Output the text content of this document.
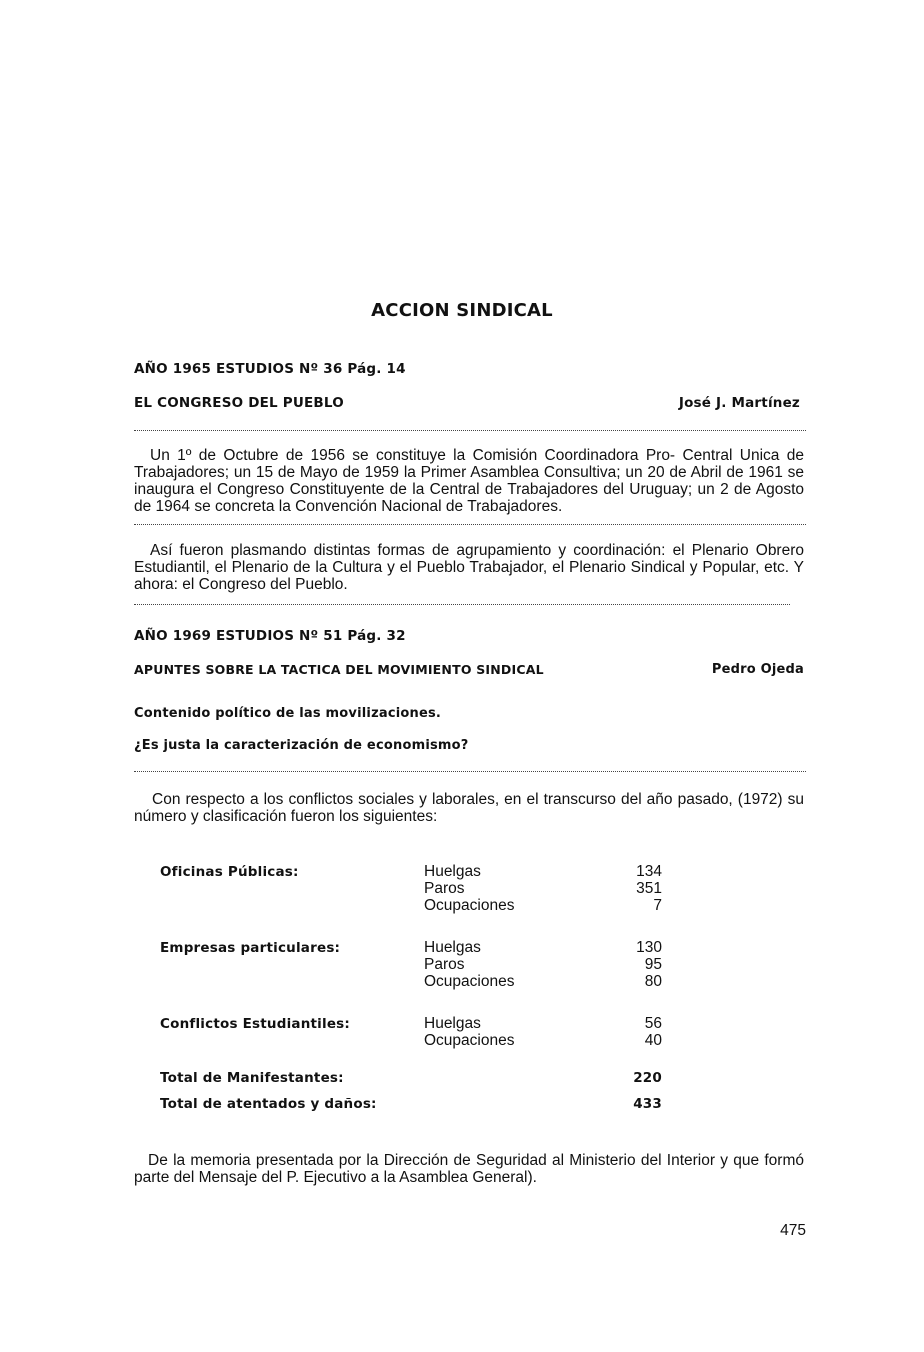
ACCION SINDICAL
AÑO 1965 ESTUDIOS Nº 36 Pág. 14
EL CONGRESO DEL PUEBLO	José J. Martínez
Un 1º de Octubre de 1956 se constituye la Comisión Coordinadora Pro- Central Unica de Trabajadores; un 15 de Mayo de 1959 la Primer Asamblea Consultiva; un 20 de Abril de 1961 se inaugura el Congreso Constituyente de la Central de Trabajadores del Uruguay; un 2 de Agosto de 1964 se concreta la Convención Nacional de Trabajadores.
Así fueron plasmando distintas formas de agrupamiento y coordinación: el Plenario Obrero Estudiantil, el Plenario de la Cultura y el Pueblo Trabajador, el Plenario Sindical y Popular, etc. Y ahora: el Congreso del Pueblo.
AÑO 1969 ESTUDIOS Nº 51 Pág. 32
APUNTES SOBRE LA TACTICA DEL MOVIMIENTO SINDICAL	Pedro Ojeda
Contenido político de las movilizaciones.
¿Es justa la caracterización de economismo?
Con respecto a los conflictos sociales y laborales, en el transcurso del año pasado, (1972) su número y clasificación fueron los siguientes:
Oficinas Públicas:	Huelgas	134
Paros	351
Ocupaciones	7
Empresas particulares:	Huelgas	130
Paros	95
Ocupaciones	80
Conflictos Estudiantiles:	Huelgas	56
Ocupaciones	40
Total de Manifestantes:	220
Total de atentados y daños:	433
De la memoria presentada por la Dirección de Seguridad al Ministerio del Interior y que formó parte del Mensaje del P. Ejecutivo a la Asamblea General).
475
